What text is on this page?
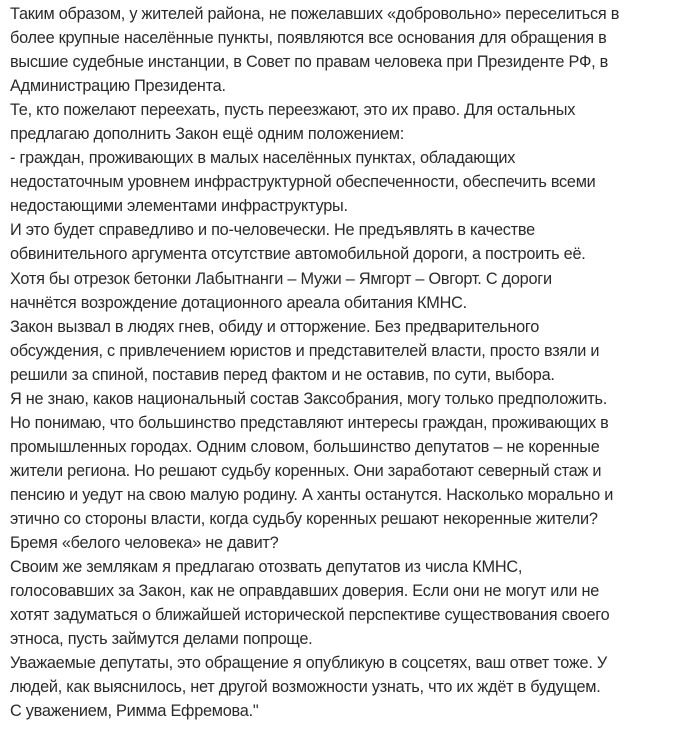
Таким образом, у жителей района, не пожелавших «добровольно» переселиться в
более крупные населённые пункты, появляются все основания для обращения в
высшие судебные инстанции, в Совет по правам человека при Президенте РФ, в
Администрацию Президента.
Те, кто пожелают переехать, пусть переезжают, это их право. Для остальных
предлагаю дополнить Закон ещё одним положением:
- граждан, проживающих в малых населённых пунктах, обладающих
недостаточным уровнем инфраструктурной обеспеченности, обеспечить всеми
недостающими элементами инфраструктуры.
И это будет справедливо и по-человечески. Не предъявлять в качестве
обвинительного аргумента отсутствие автомобильной дороги, а построить её.
Хотя бы отрезок бетонки Лабытнанги – Мужи – Ямгорт – Овгорт. С дороги
начнётся возрождение дотационного ареала обитания КМНС.
Закон вызвал в людях гнев, обиду и отторжение. Без предварительного
обсуждения, с привлечением юристов и представителей власти, просто взяли и
решили за спиной, поставив перед фактом и не оставив, по сути, выбора.
Я не знаю, каков национальный состав Заксобрания, могу только предположить.
Но понимаю, что большинство представляют интересы граждан, проживающих в
промышленных городах. Одним словом, большинство депутатов – не коренные
жители региона. Но решают судьбу коренных. Они заработают северный стаж и
пенсию и уедут на свою малую родину. А ханты останутся. Насколько морально и
этично со стороны власти, когда судьбу коренных решают некоренные жители?
Бремя «белого человека» не давит?
Своим же землякам я предлагаю отозвать депутатов из числа КМНС,
голосовавших за Закон, как не оправдавших доверия. Если они не могут или не
хотят задуматься о ближайшей исторической перспективе существования своего
этноса, пусть займутся делами попроще.
Уважаемые депутаты, это обращение я опубликую в соцсетях, ваш ответ тоже. У
людей, как выяснилось, нет другой возможности узнать, что их ждёт в будущем.
С уважением, Римма Ефремова."
